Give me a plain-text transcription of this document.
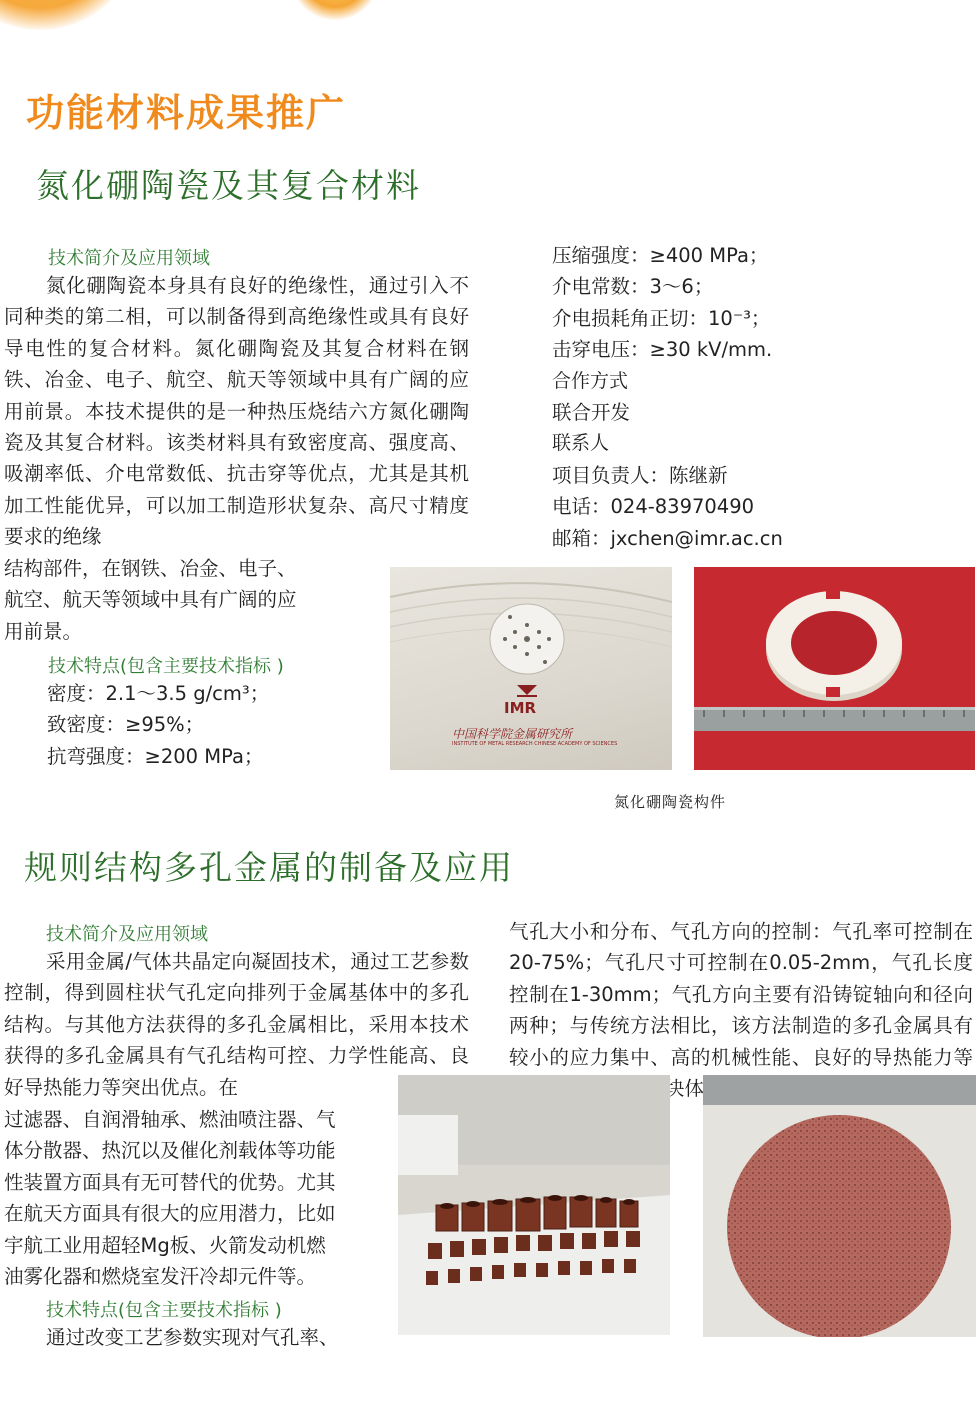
功能材料成果推广
氮化硼陶瓷及其复合材料
技术简介及应用领域

氮化硼陶瓷本身具有良好的绝缘性，通过引入不同种类的第二相，可以制备得到高绝缘性或具有良好导电性的复合材料。氮化硼陶瓷及其复合材料在钢铁、冶金、电子、航空、航天等领域中具有广阔的应用前景。本技术提供的是一种热压烧结六方氮化硼陶瓷及其复合材料。该类材料具有致密度高、强度高、吸潮率低、介电常数低、抗击穿等优点，尤其是其机加工性能优异，可以加工制造形状复杂、高尺寸精度要求的绝缘

结构部件，在钢铁、冶金、电子、
航空、航天等领域中具有广阔的应
用前景。
技术特点(包含主要技术指标 )
密度：2.1～3.5 g/cm³；
致密度：≥95%；
抗弯强度：≥200 MPa；
压缩强度：≥400 MPa；
介电常数：3～6；
介电损耗角正切：10⁻³；
击穿电压：≥30 kV/mm.
合作方式
联合开发
联系人
项目负责人：陈继新
电话：024-83970490
邮箱：jxchen@imr.ac.cn
IMR
中国科学院金属研究所
INSTITUTE OF METAL RESEARCH CHINESE ACADEMY OF SCIENCES
氮化硼陶瓷构件
规则结构多孔金属的制备及应用
技术简介及应用领域

采用金属/气体共晶定向凝固技术，通过工艺参数控制，得到圆柱状气孔定向排列于金属基体中的多孔结构。与其他方法获得的多孔金属相比，采用本技术获得的多孔金属具有气孔结构可控、力学性能高、良好导热能力等突出优点。在

过滤器、自润滑轴承、燃油喷注器、气
体分散器、热沉以及催化剂载体等功能
性装置方面具有无可替代的优势。尤其
在航天方面具有很大的应用潜力，比如
宇航工业用超轻Mg板、火箭发动机燃
油雾化器和燃烧室发汗冷却元件等。
技术特点(包含主要技术指标 )
通过改变工艺参数实现对气孔率、

气孔大小和分布、气孔方向的控制：气孔率可控制在20-75%；气孔尺寸可控制在0.05-2mm，气孔长度控制在1-30mm；气孔方向主要有沿铸锭轴向和径向两种；与传统方法相比，该方法制造的多孔金属具有较小的应力集中、高的机械性能、良好的导热能力等 相同块体金
